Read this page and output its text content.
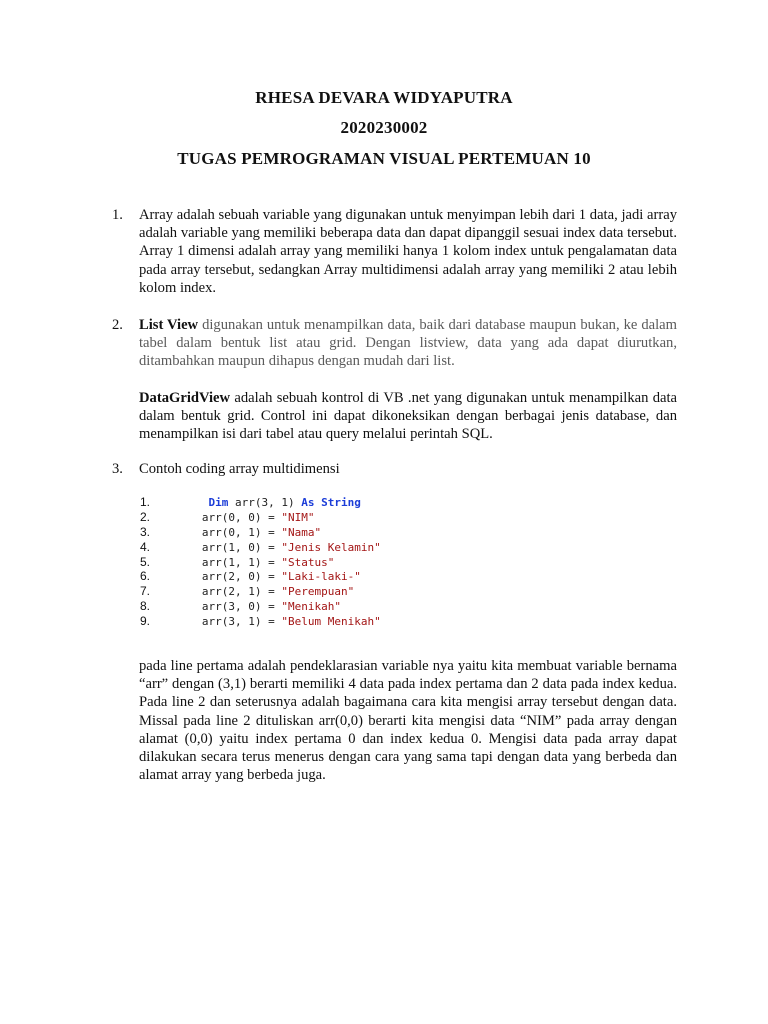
RHESA DEVARA WIDYAPUTRA
2020230002
TUGAS PEMROGRAMAN VISUAL PERTEMUAN 10
1.	Array adalah sebuah variable yang digunakan untuk menyimpan lebih dari 1 data, jadi array adalah variable yang memiliki beberapa data dan dapat dipanggil sesuai index data tersebut. Array 1 dimensi adalah array yang memiliki hanya 1 kolom index untuk pengalamatan data pada array tersebut, sedangkan Array multidimensi adalah array yang memiliki 2 atau lebih kolom index.
2.	List View digunakan untuk menampilkan data, baik dari database maupun bukan, ke dalam tabel dalam bentuk list atau grid. Dengan listview, data yang ada dapat diurutkan, ditambahkan maupun dihapus dengan mudah dari list.
DataGridView adalah sebuah kontrol di VB .net yang digunakan untuk menampilkan data dalam bentuk grid. Control ini dapat dikoneksikan dengan berbagai jenis database, dan menampilkan isi dari tabel atau query melalui perintah SQL.
3.	Contoh coding array multidimensi
1.	Dim arr(3, 1) As String
2.	arr(0, 0) = "NIM"
3.	arr(0, 1) = "Nama"
4.	arr(1, 0) = "Jenis Kelamin"
5.	arr(1, 1) = "Status"
6.	arr(2, 0) = "Laki-laki-"
7.	arr(2, 1) = "Perempuan"
8.	arr(3, 0) = "Menikah"
9.	arr(3, 1) = "Belum Menikah"
pada line pertama adalah pendeklarasian variable nya yaitu kita membuat variable bernama “arr” dengan (3,1) berarti memiliki 4 data pada index pertama dan 2 data pada index kedua. Pada line 2 dan seterusnya adalah bagaimana cara kita mengisi array tersebut dengan data. Missal pada line 2 dituliskan arr(0,0) berarti kita mengisi data “NIM” pada array dengan alamat (0,0) yaitu index pertama 0 dan index kedua 0. Mengisi data pada array dapat dilakukan secara terus menerus dengan cara yang sama tapi dengan data yang berbeda dan alamat array yang berbeda juga.
